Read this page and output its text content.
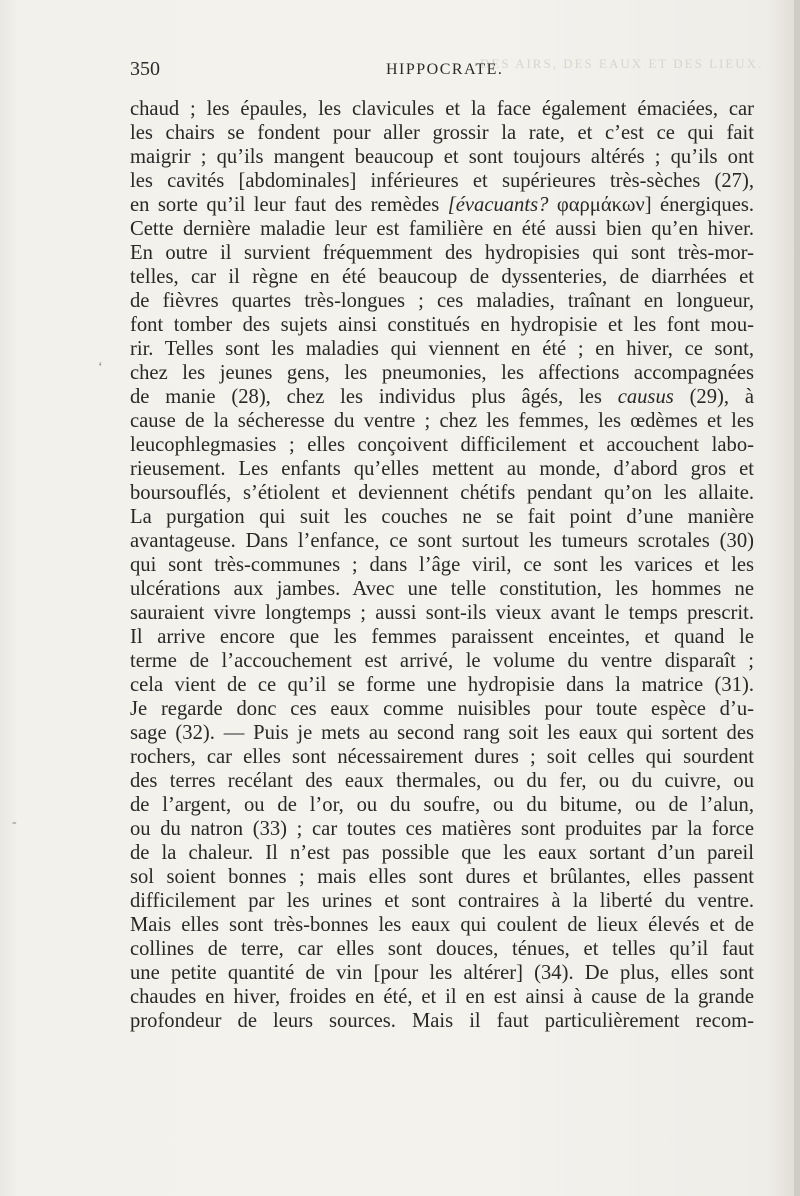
DES AIRS, DES EAUX ET DES LIEUX.
350	HIPPOCRATE.
‘
-
chaud ; les épaules, les clavicules et la face également émaciées, car
les chairs se fondent pour aller grossir la rate, et c’est ce qui fait
maigrir ; qu’ils mangent beaucoup et sont toujours altérés ; qu’ils ont
les cavités [abdominales] inférieures et supérieures très-sèches (27),
en sorte qu’il leur faut des remèdes [évacuants? φαρμάκων] énergiques.
Cette dernière maladie leur est familière en été aussi bien qu’en hiver.
En outre il survient fréquemment des hydropisies qui sont très-mor-
telles, car il règne en été beaucoup de dyssenteries, de diarrhées et
de fièvres quartes très-longues ; ces maladies, traînant en longueur,
font tomber des sujets ainsi constitués en hydropisie et les font mou-
rir. Telles sont les maladies qui viennent en été ; en hiver, ce sont,
chez les jeunes gens, les pneumonies, les affections accompagnées
de manie (28), chez les individus plus âgés, les causus (29), à
cause de la sécheresse du ventre ; chez les femmes, les œdèmes et les
leucophlegmasies ; elles conçoivent difficilement et accouchent labo-
rieusement. Les enfants qu’elles mettent au monde, d’abord gros et
boursouflés, s’étiolent et deviennent chétifs pendant qu’on les allaite.
La purgation qui suit les couches ne se fait point d’une manière
avantageuse. Dans l’enfance, ce sont surtout les tumeurs scrotales (30)
qui sont très-communes ; dans l’âge viril, ce sont les varices et les
ulcérations aux jambes. Avec une telle constitution, les hommes ne
sauraient vivre longtemps ; aussi sont-ils vieux avant le temps prescrit.
Il arrive encore que les femmes paraissent enceintes, et quand le
terme de l’accouchement est arrivé, le volume du ventre disparaît ;
cela vient de ce qu’il se forme une hydropisie dans la matrice (31).
Je regarde donc ces eaux comme nuisibles pour toute espèce d’u-
sage (32). — Puis je mets au second rang soit les eaux qui sortent des
rochers, car elles sont nécessairement dures ; soit celles qui sourdent
des terres recélant des eaux thermales, ou du fer, ou du cuivre, ou
de l’argent, ou de l’or, ou du soufre, ou du bitume, ou de l’alun,
ou du natron (33) ; car toutes ces matières sont produites par la force
de la chaleur. Il n’est pas possible que les eaux sortant d’un pareil
sol soient bonnes ; mais elles sont dures et brûlantes, elles passent
difficilement par les urines et sont contraires à la liberté du ventre.
Mais elles sont très-bonnes les eaux qui coulent de lieux élevés et de
collines de terre, car elles sont douces, ténues, et telles qu’il faut
une petite quantité de vin [pour les altérer] (34). De plus, elles sont
chaudes en hiver, froides en été, et il en est ainsi à cause de la grande
profondeur de leurs sources. Mais il faut particulièrement recom-
